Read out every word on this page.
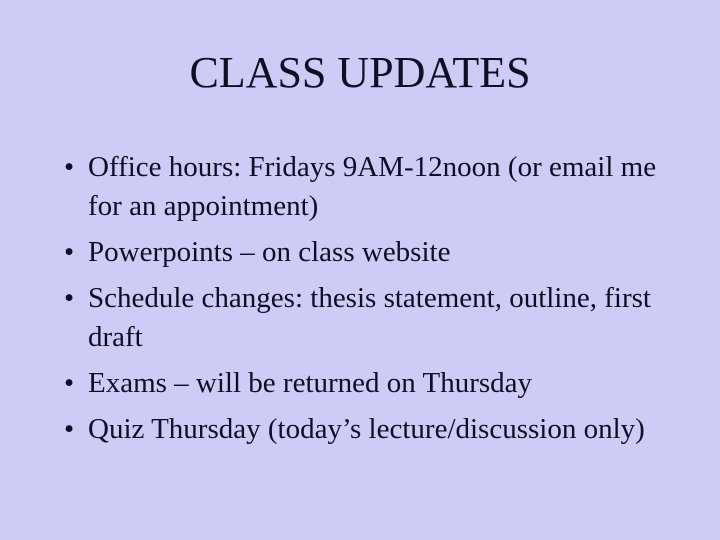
CLASS UPDATES
• Office hours: Fridays 9AM-12noon (or email me for an appointment)
• Powerpoints – on class website
• Schedule changes: thesis statement, outline, first draft
• Exams – will be returned on Thursday
• Quiz Thursday (today’s lecture/discussion only)
